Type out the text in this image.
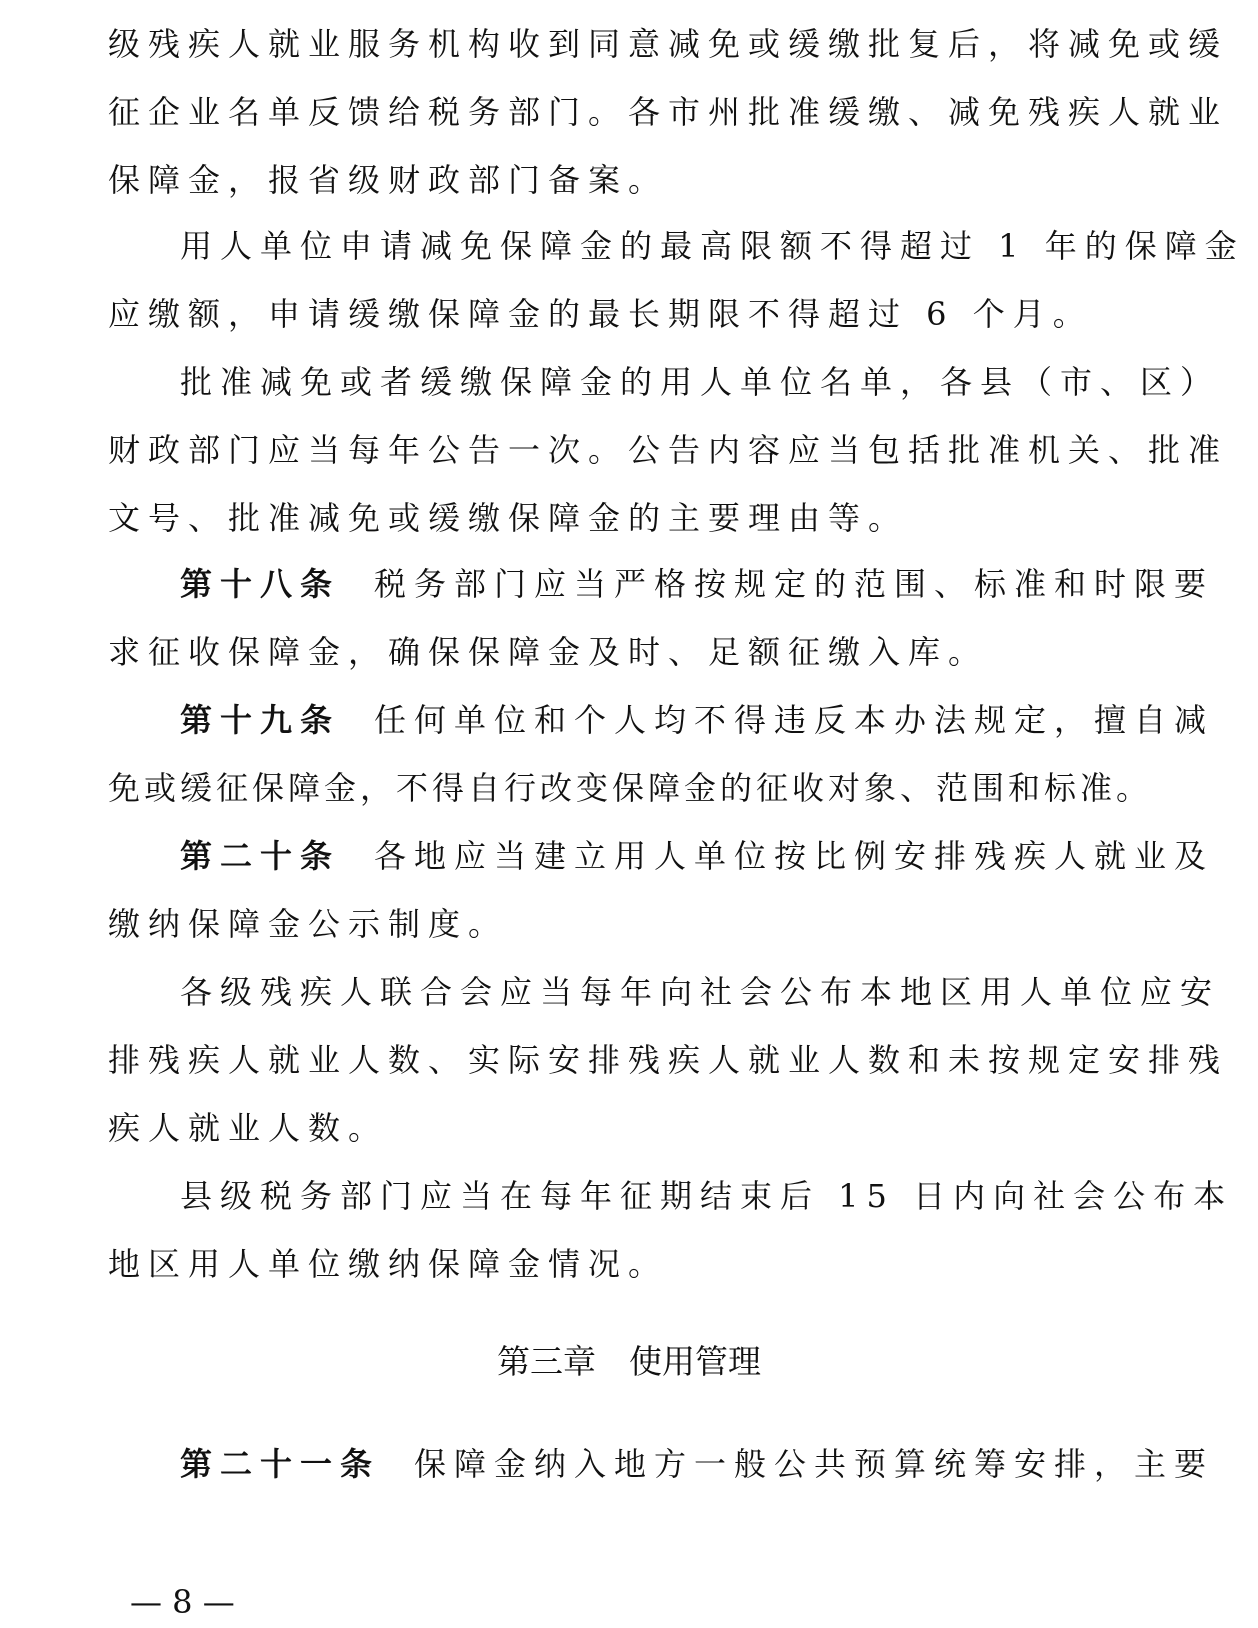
级残疾人就业服务机构收到同意减免或缓缴批复后，将减免或缓
征企业名单反馈给税务部门。各市州批准缓缴、减免残疾人就业
保障金，报省级财政部门备案。
用人单位申请减免保障金的最高限额不得超过 1 年的保障金
应缴额，申请缓缴保障金的最长期限不得超过 6 个月。
批准减免或者缓缴保障金的用人单位名单，各县（市、区）
财政部门应当每年公告一次。公告内容应当包括批准机关、批准
文号、批准减免或缓缴保障金的主要理由等。
第十八条 税务部门应当严格按规定的范围、标准和时限要
求征收保障金，确保保障金及时、足额征缴入库。
第十九条 任何单位和个人均不得违反本办法规定，擅自减
免或缓征保障金，不得自行改变保障金的征收对象、范围和标准。
第二十条 各地应当建立用人单位按比例安排残疾人就业及
缴纳保障金公示制度。
各级残疾人联合会应当每年向社会公布本地区用人单位应安
排残疾人就业人数、实际安排残疾人就业人数和未按规定安排残
疾人就业人数。
县级税务部门应当在每年征期结束后 15 日内向社会公布本
地区用人单位缴纳保障金情况。
第三章　使用管理
第二十一条 保障金纳入地方一般公共预算统筹安排，主要
— 8 —
